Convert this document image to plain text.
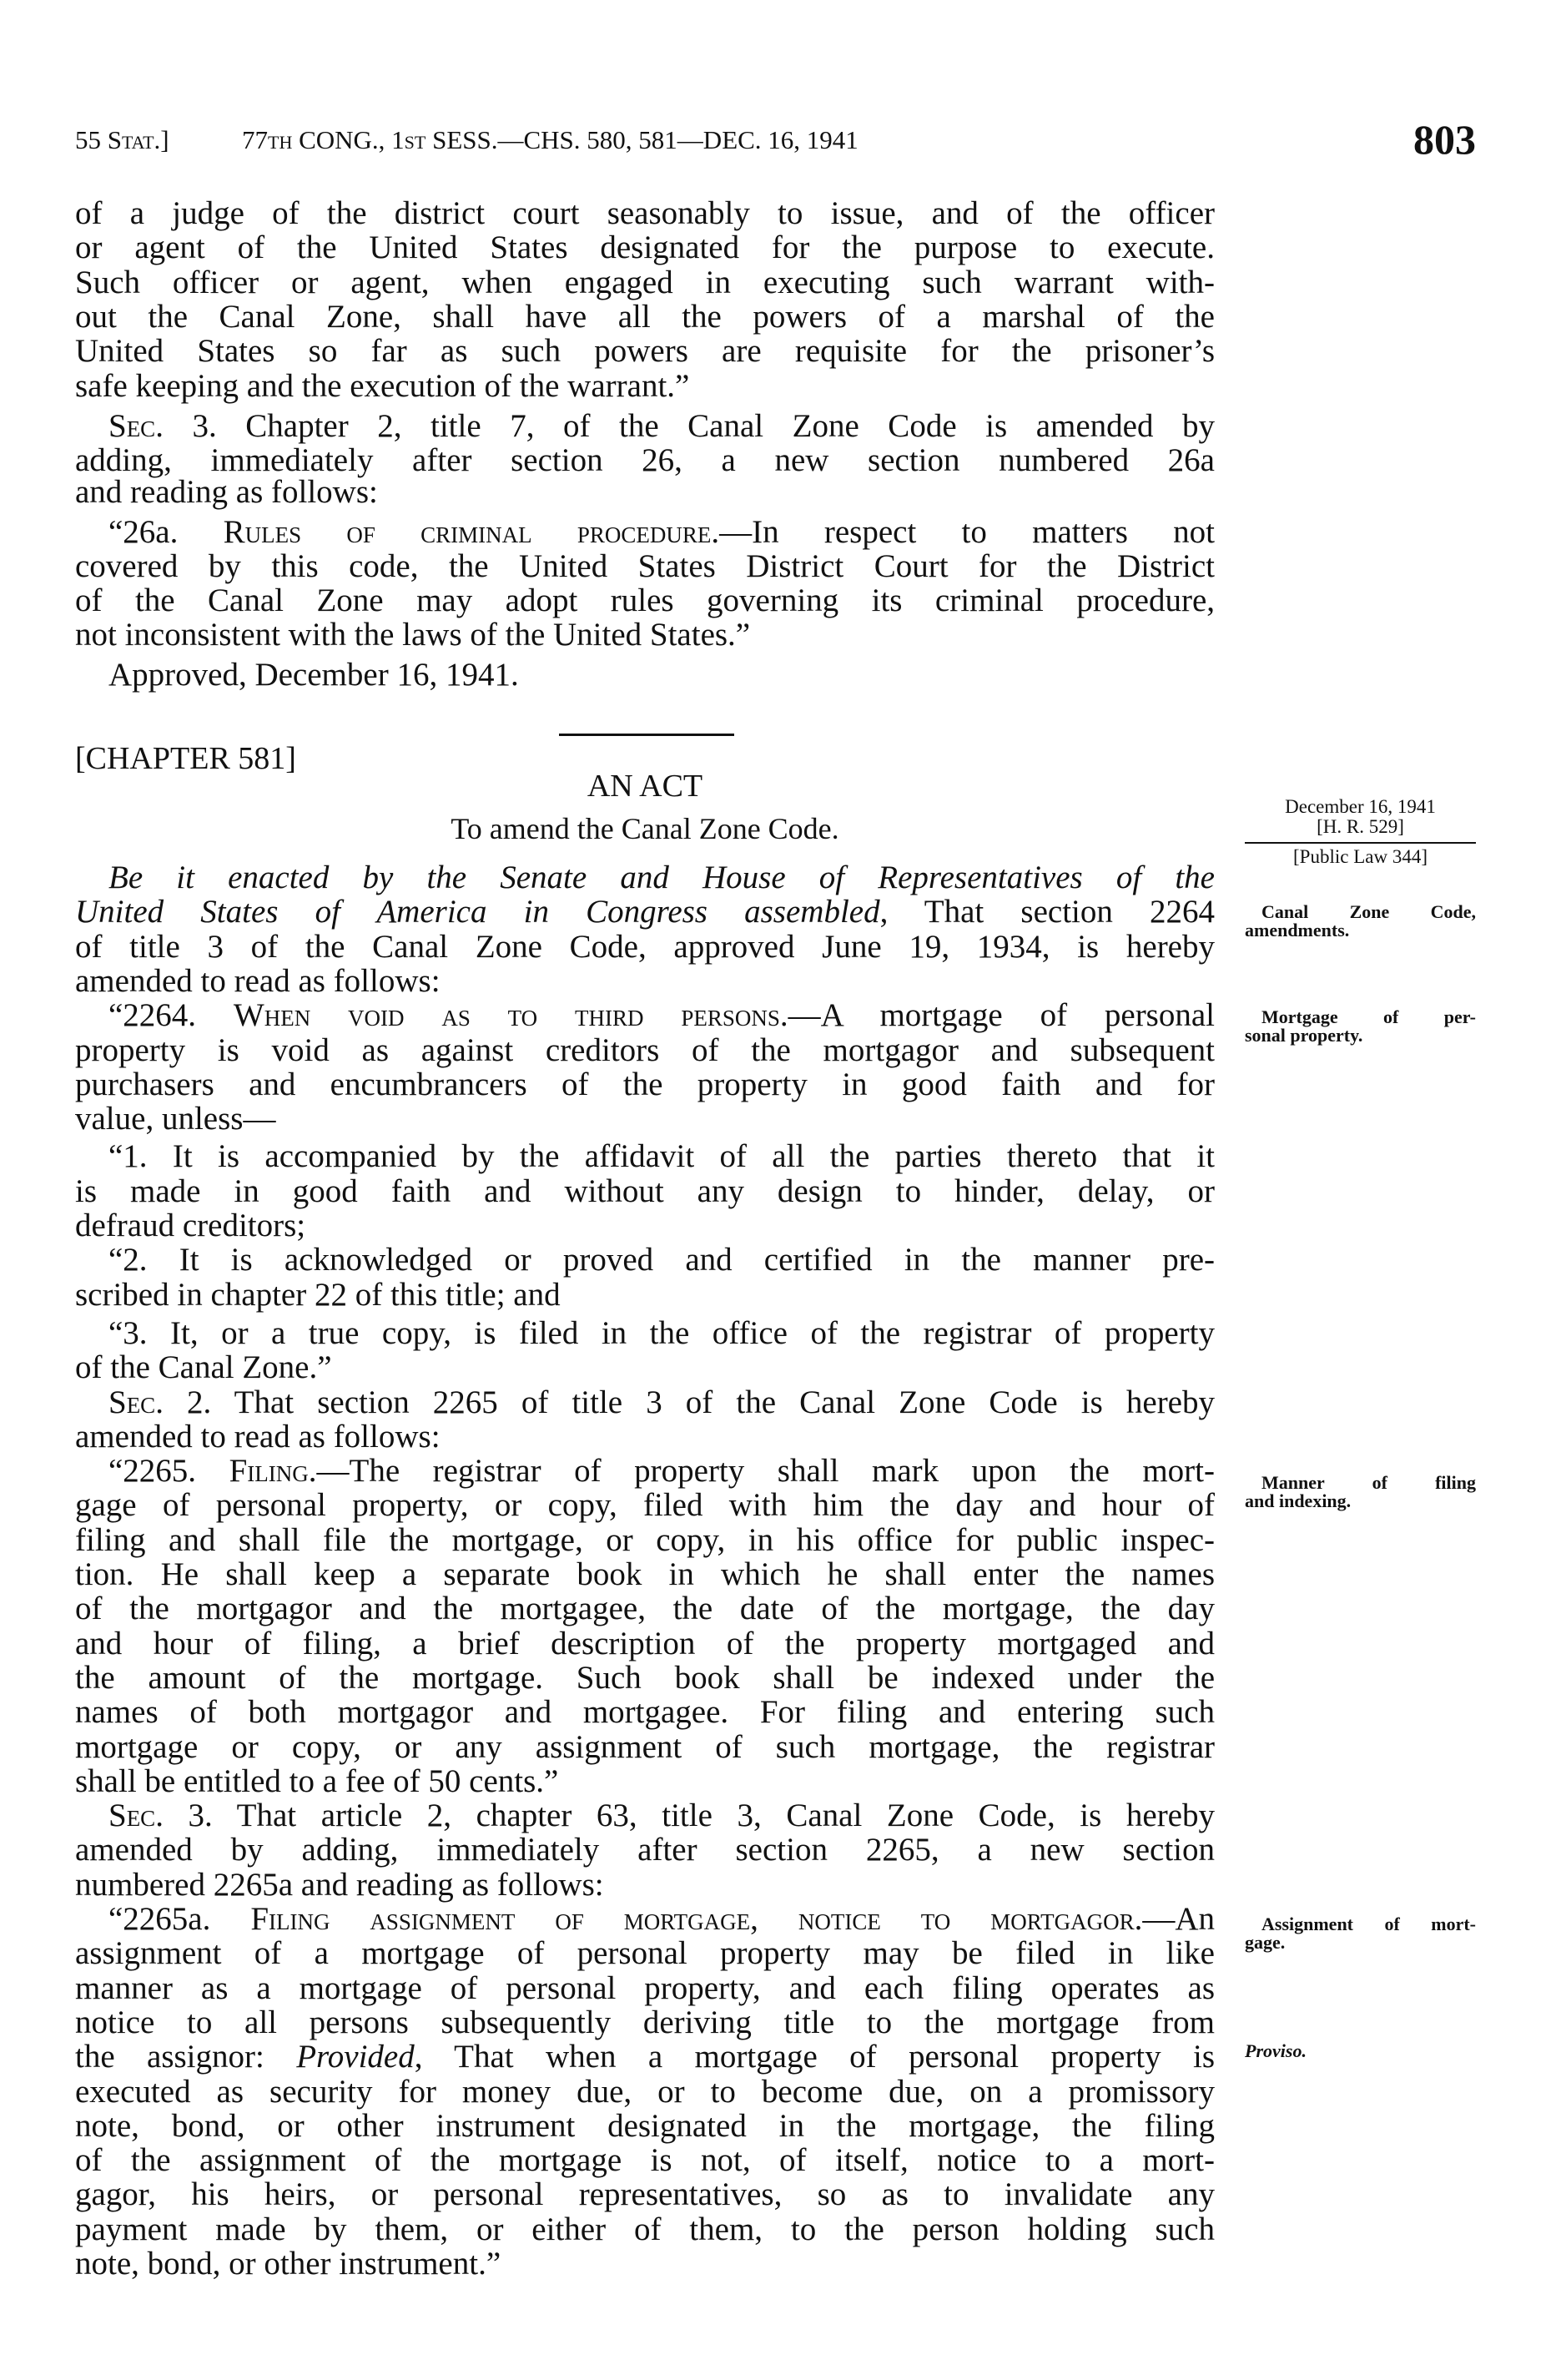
55 Stat.]	77th CONG., 1st SESS.—CHS. 580, 581—DEC. 16, 1941	803
of a judge of the district court seasonably to issue, and of the officer
or agent of the United States designated for the purpose to execute.
Such officer or agent, when engaged in executing such warrant with-
out the Canal Zone, shall have all the powers of a marshal of the
United States so far as such powers are requisite for the prisoner’s
safe keeping and the execution of the warrant.”
Sec. 3. Chapter 2, title 7, of the Canal Zone Code is amended by
adding, immediately after section 26, a new section numbered 26a
and reading as follows:
“26a. Rules of criminal procedure.—In respect to matters not
covered by this code, the United States District Court for the District
of the Canal Zone may adopt rules governing its criminal procedure,
not inconsistent with the laws of the United States.”
Approved, December 16, 1941.
[CHAPTER 581]
AN ACT
To amend the Canal Zone Code.
December 16, 1941
[H. R. 529]
[Public Law 344]
Be it enacted by the Senate and House of Representatives of the
United States of America in Congress assembled, That section 2264
of title 3 of the Canal Zone Code, approved June 19, 1934, is hereby
amended to read as follows:
“2264. When void as to third persons.—A mortgage of personal
property is void as against creditors of the mortgagor and subsequent
purchasers and encumbrancers of the property in good faith and for
value, unless—
“1. It is accompanied by the affidavit of all the parties thereto that it
is made in good faith and without any design to hinder, delay, or
defraud creditors;
“2. It is acknowledged or proved and certified in the manner pre-
scribed in chapter 22 of this title; and
“3. It, or a true copy, is filed in the office of the registrar of property
of the Canal Zone.”
Sec. 2. That section 2265 of title 3 of the Canal Zone Code is hereby
amended to read as follows:
“2265. Filing.—The registrar of property shall mark upon the mort-
gage of personal property, or copy, filed with him the day and hour of
filing and shall file the mortgage, or copy, in his office for public inspec-
tion. He shall keep a separate book in which he shall enter the names
of the mortgagor and the mortgagee, the date of the mortgage, the day
and hour of filing, a brief description of the property mortgaged and
the amount of the mortgage. Such book shall be indexed under the
names of both mortgagor and mortgagee. For filing and entering such
mortgage or copy, or any assignment of such mortgage, the registrar
shall be entitled to a fee of 50 cents.”
Sec. 3. That article 2, chapter 63, title 3, Canal Zone Code, is hereby
amended by adding, immediately after section 2265, a new section
numbered 2265a and reading as follows:
“2265a. Filing assignment of mortgage, notice to mortgagor.—An
assignment of a mortgage of personal property may be filed in like
manner as a mortgage of personal property, and each filing operates as
notice to all persons subsequently deriving title to the mortgage from
the assignor: Provided, That when a mortgage of personal property is
executed as security for money due, or to become due, on a promissory
note, bond, or other instrument designated in the mortgage, the filing
of the assignment of the mortgage is not, of itself, notice to a mort-
gagor, his heirs, or personal representatives, so as to invalidate any
payment made by them, or either of them, to the person holding such
note, bond, or other instrument.”
Canal Zone Code,
amendments.
Mortgage of per-
sonal property.
Manner of filing
and indexing.
Assignment of mort-
gage.
Proviso.
